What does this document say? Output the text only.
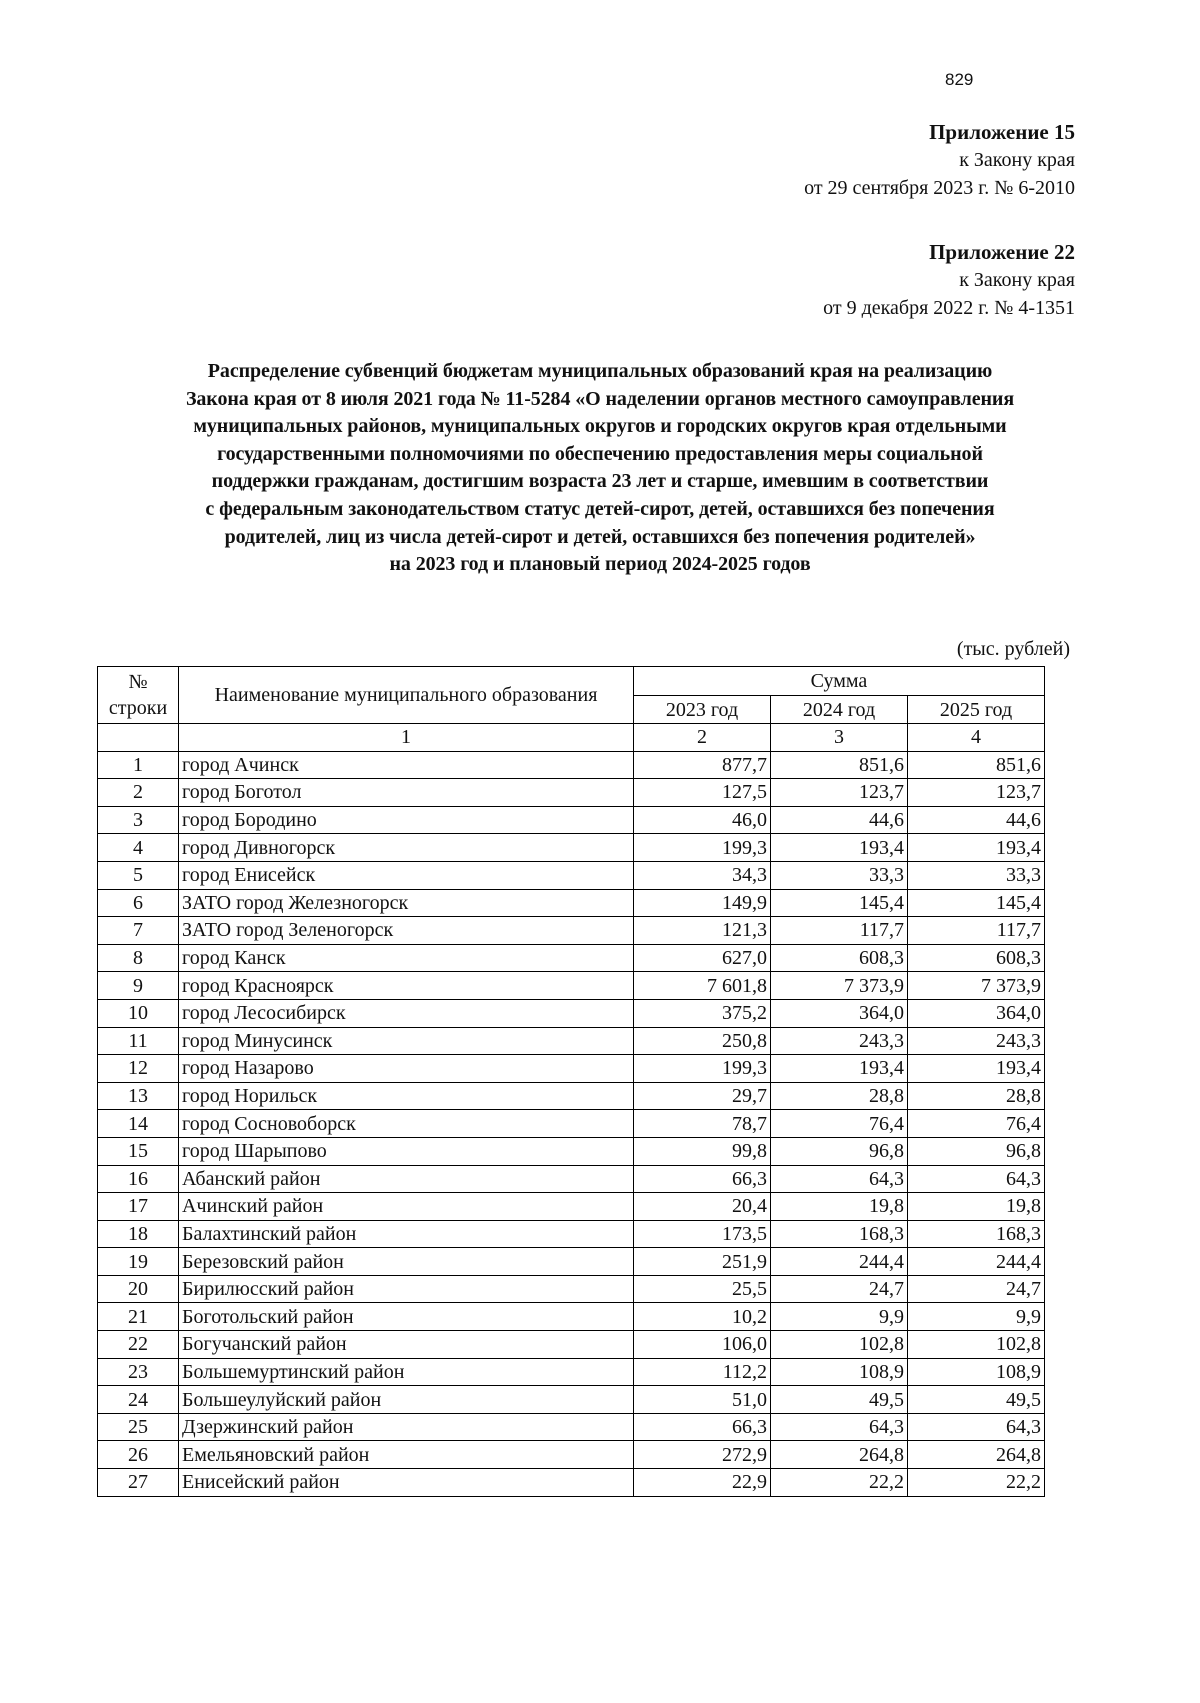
829
Приложение 15
к Закону края
от 29 сентября 2023 г. № 6-2010
Приложение 22
к Закону края
от 9 декабря 2022 г. № 4-1351
Распределение субвенций бюджетам муниципальных образований края на реализацию
Закона края от 8 июля 2021 года № 11-5284 «О наделении органов местного самоуправления
муниципальных районов, муниципальных округов и городских округов края отдельными
государственными полномочиями по обеспечению предоставления меры социальной
поддержки гражданам, достигшим возраста 23 лет и старше, имевшим в соответствии
с федеральным законодательством статус детей-сирот, детей, оставшихся без попечения
родителей, лиц из числа детей-сирот и детей, оставшихся без попечения родителей»
на 2023 год и плановый период 2024-2025 годов
(тыс. рублей)
№
строки	Наименование муниципального образования	Сумма		
		2023 год	2024 год	2025 год
	1	2	3	4
1	город Ачинск	877,7	851,6	851,6
2	город Боготол	127,5	123,7	123,7
3	город Бородино	46,0	44,6	44,6
4	город Дивногорск	199,3	193,4	193,4
5	город Енисейск	34,3	33,3	33,3
6	ЗАТО город Железногорск	149,9	145,4	145,4
7	ЗАТО город Зеленогорск	121,3	117,7	117,7
8	город Канск	627,0	608,3	608,3
9	город Красноярск	7 601,8	7 373,9	7 373,9
10	город Лесосибирск	375,2	364,0	364,0
11	город Минусинск	250,8	243,3	243,3
12	город Назарово	199,3	193,4	193,4
13	город Норильск	29,7	28,8	28,8
14	город Сосновоборск	78,7	76,4	76,4
15	город Шарыпово	99,8	96,8	96,8
16	Абанский район	66,3	64,3	64,3
17	Ачинский район	20,4	19,8	19,8
18	Балахтинский район	173,5	168,3	168,3
19	Березовский район	251,9	244,4	244,4
20	Бирилюсский район	25,5	24,7	24,7
21	Боготольский район	10,2	9,9	9,9
22	Богучанский район	106,0	102,8	102,8
23	Большемуртинский район	112,2	108,9	108,9
24	Большеулуйский район	51,0	49,5	49,5
25	Дзержинский район	66,3	64,3	64,3
26	Емельяновский район	272,9	264,8	264,8
27	Енисейский район	22,9	22,2	22,2
